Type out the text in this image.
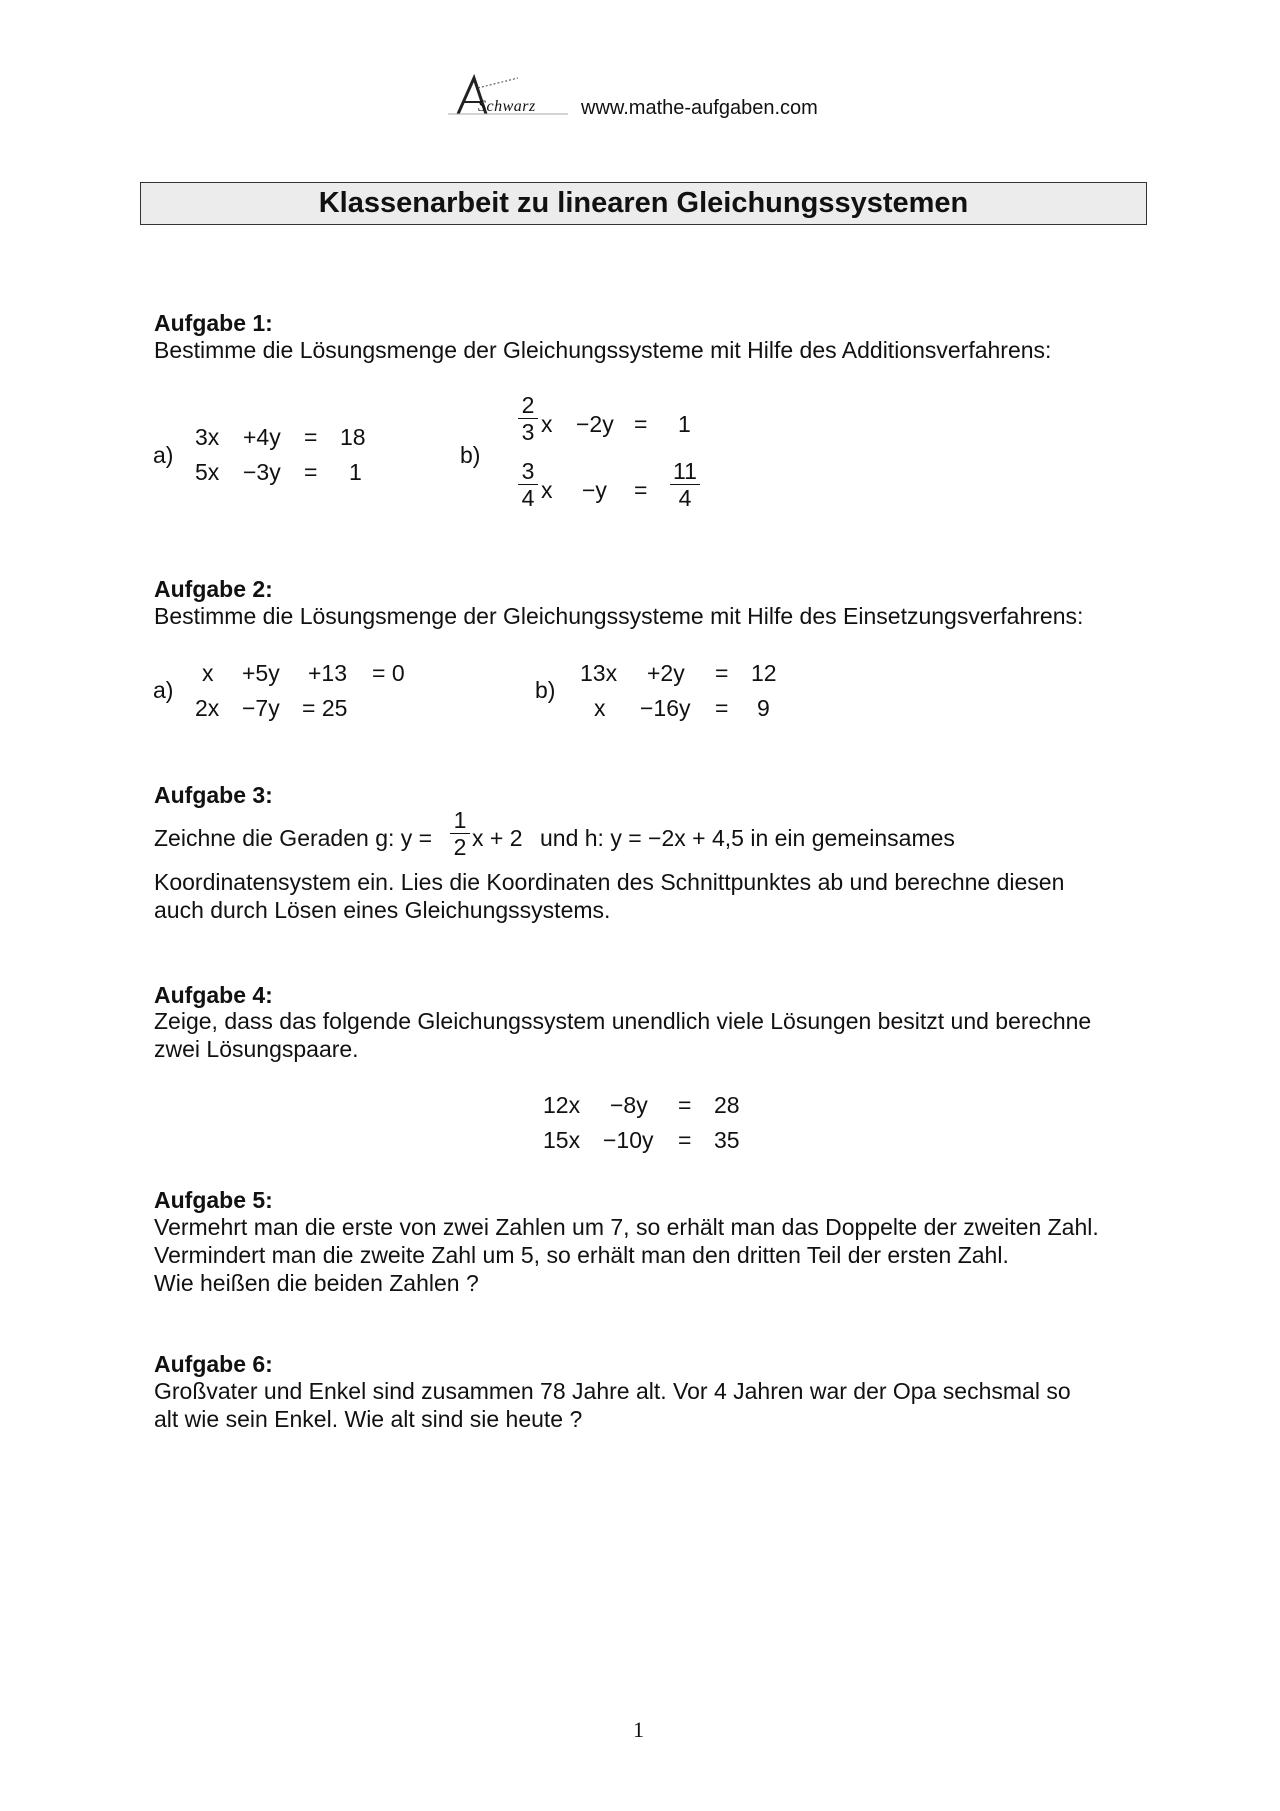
Schwarz www.mathe-aufgaben.com
Klassenarbeit zu linearen Gleichungssystemen
Aufgabe 1:
Bestimme die Lösungsmenge der Gleichungssysteme mit Hilfe des Additionsverfahrens:
a)
3x +4y = 18
5x −3y = 1
b)
2
3 x −2y = 1
3
4 x −y =
11
4
Aufgabe 2:
Bestimme die Lösungsmenge der Gleichungssysteme mit Hilfe des Einsetzungsverfahrens:
a)
x +5y +13 = 0
2x −7y = 25
b)
13x +2y = 12
x −16y = 9
Aufgabe 3:
Zeichne die Geraden g: y =
1
2 x + 2 und h: y = −2x + 4,5 in ein gemeinsames
Koordinatensystem ein. Lies die Koordinaten des Schnittpunktes ab und berechne diesen auch durch Lösen eines Gleichungssystems.
Aufgabe 4:
Zeige, dass das folgende Gleichungssystem unendlich viele Lösungen besitzt und berechne zwei Lösungspaare.
12x −8y = 28
15x −10y = 35
Aufgabe 5:
Vermehrt man die erste von zwei Zahlen um 7, so erhält man das Doppelte der zweiten Zahl.
Vermindert man die zweite Zahl um 5, so erhält man den dritten Teil der ersten Zahl.
Wie heißen die beiden Zahlen ?
Aufgabe 6:
Großvater und Enkel sind zusammen 78 Jahre alt. Vor 4 Jahren war der Opa sechsmal so
alt wie sein Enkel. Wie alt sind sie heute ?
1
